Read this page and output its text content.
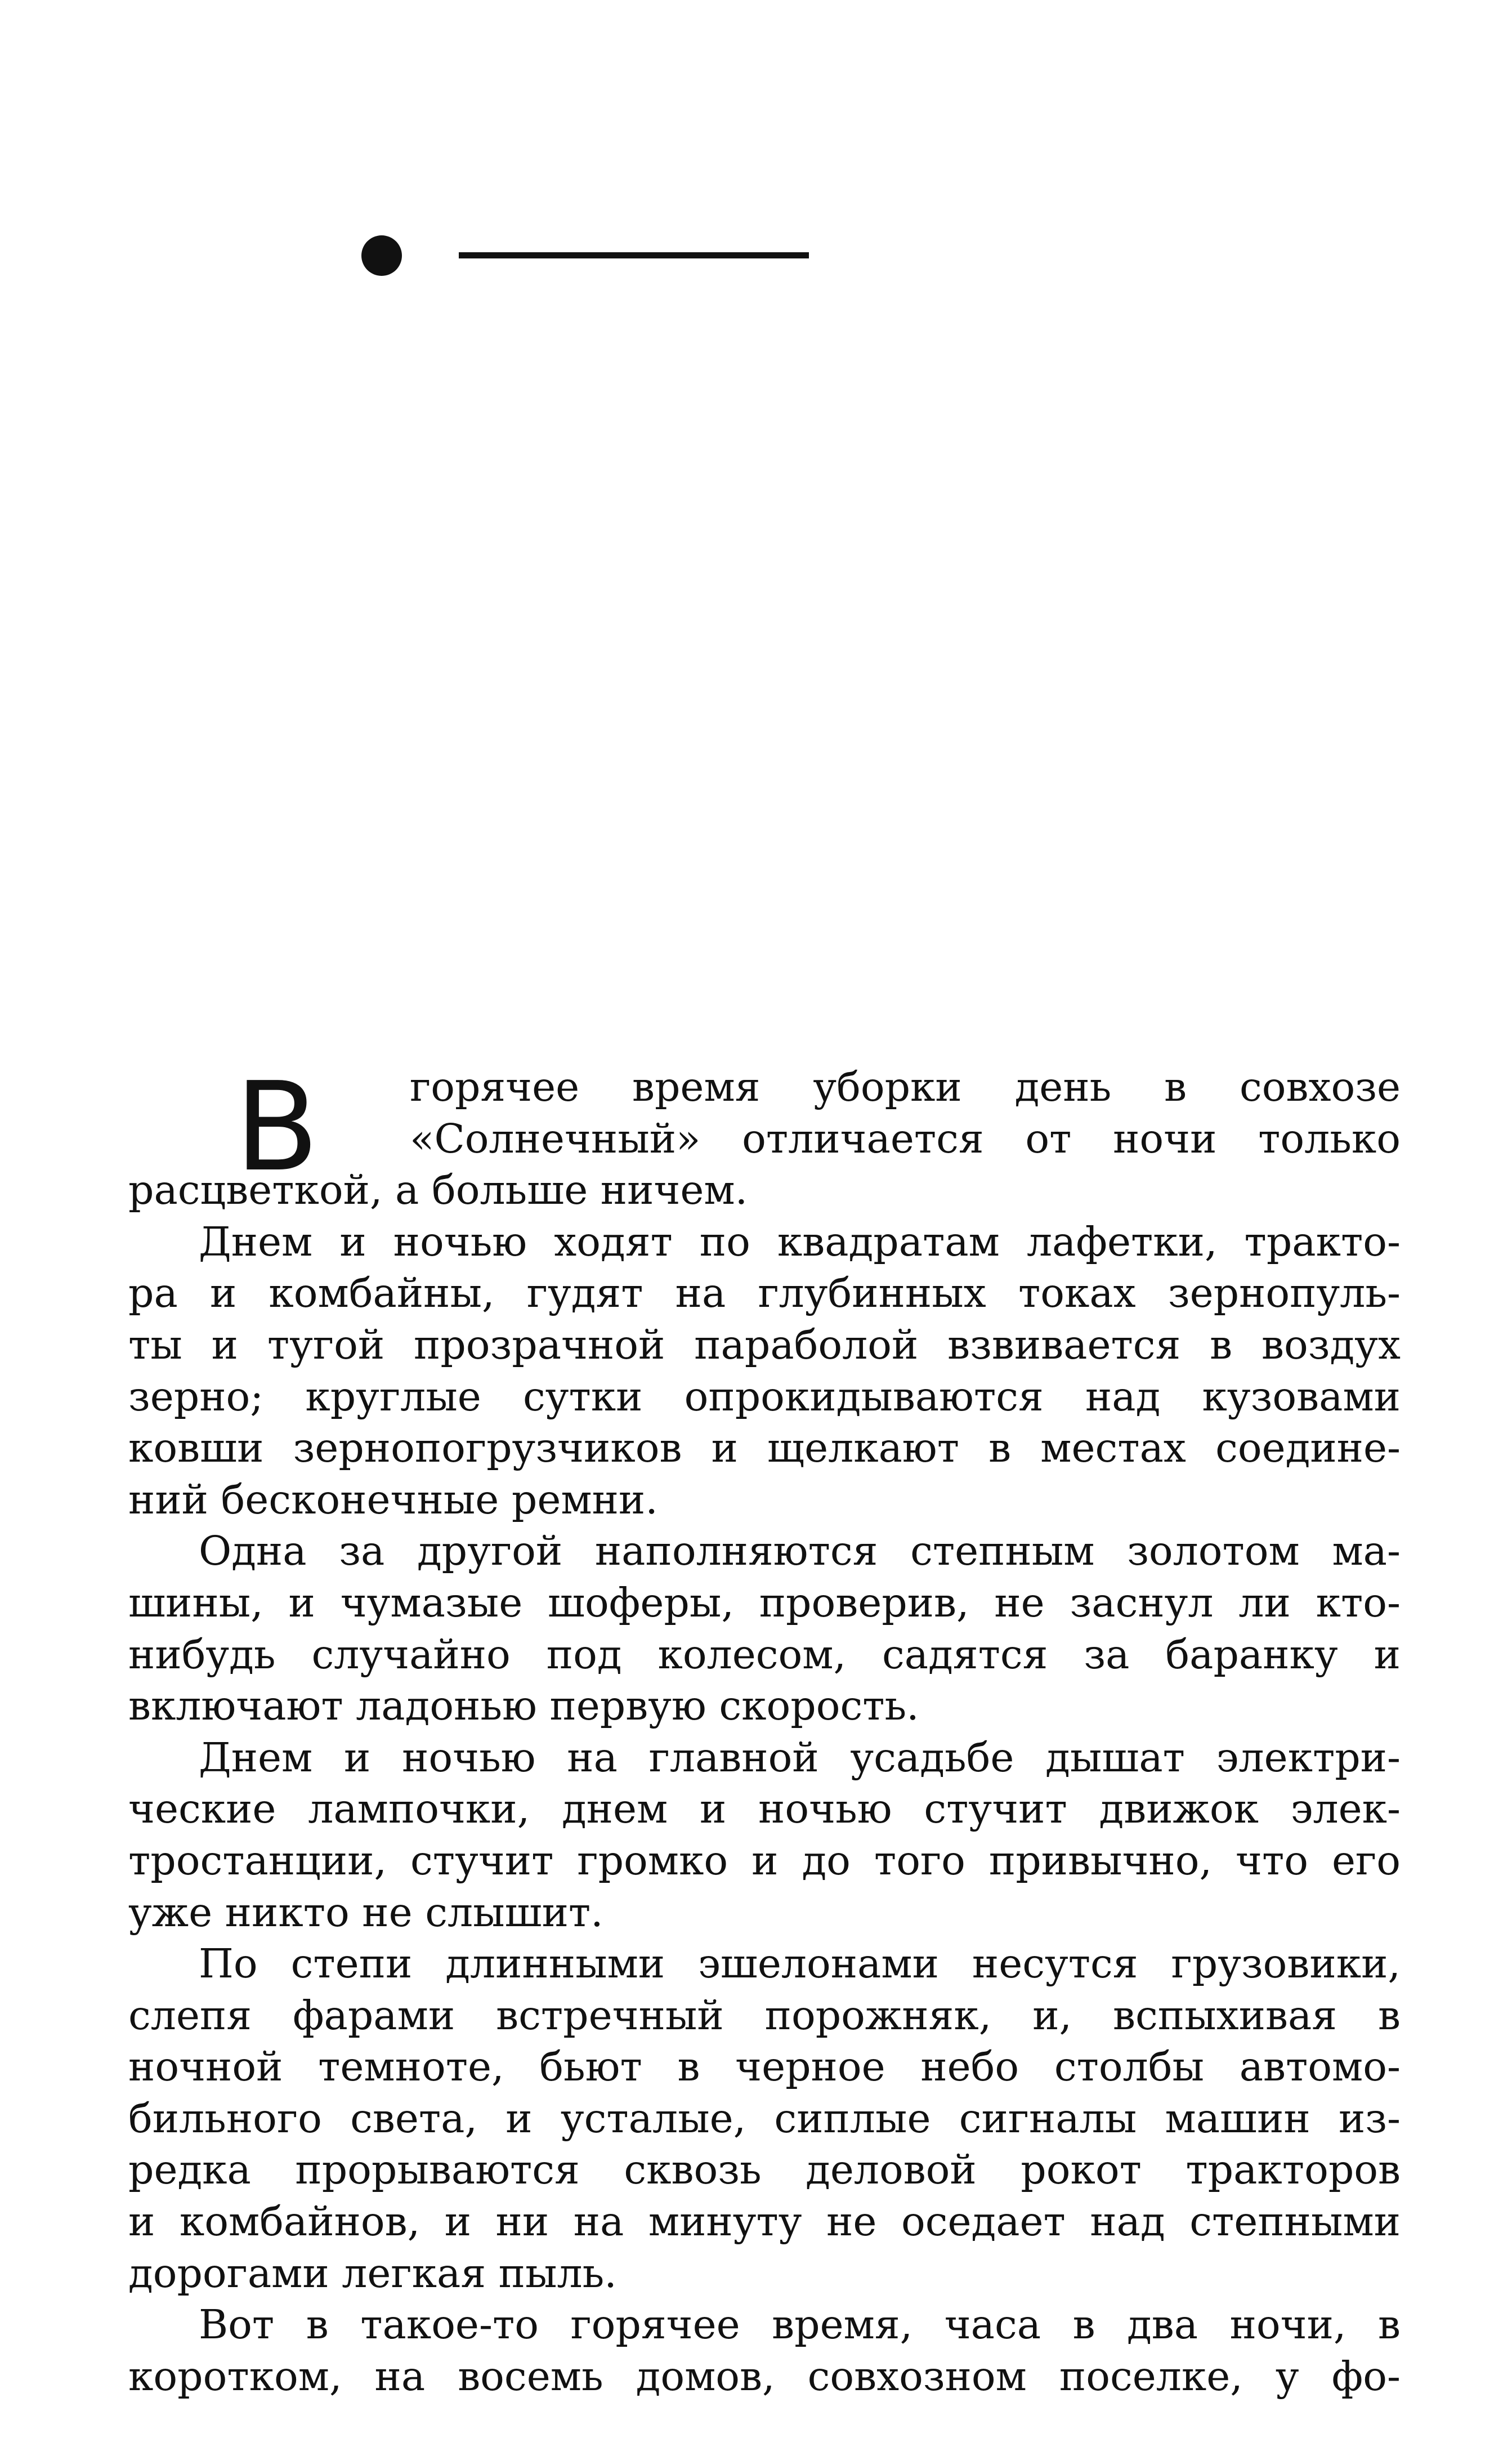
В	горячее время уборки день в совхозе
«Солнечный» отличается от ночи только
расцветкой, а больше ничем.
Днем и ночью ходят по квадратам лафетки, тракто-
ра и комбайны, гудят на глубинных токах зернопуль-
ты и тугой прозрачной параболой взвивается в воздух
зерно; круглые сутки опрокидываются над кузовами
ковши зернопогрузчиков и щелкают в местах соедине-
ний бесконечные ремни.
Одна за другой наполняются степным золотом ма-
шины, и чумазые шоферы, проверив, не заснул ли кто-
нибудь случайно под колесом, садятся за баранку и
включают ладонью первую скорость.
Днем и ночью на главной усадьбе дышат электри-
ческие лампочки, днем и ночью стучит движок элек-
тростанции, стучит громко и до того привычно, что его
уже никто не слышит.
По степи длинными эшелонами несутся грузовики,
слепя фарами встречный порожняк, и, вспыхивая в
ночной темноте, бьют в черное небо столбы автомо-
бильного света, и усталые, сиплые сигналы машин из-
редка прорываются сквозь деловой рокот тракторов
и комбайнов, и ни на минуту не оседает над степными
дорогами легкая пыль.
Вот в такое-то горячее время, часа в два ночи, в
коротком, на восемь домов, совхозном поселке, у фо-
